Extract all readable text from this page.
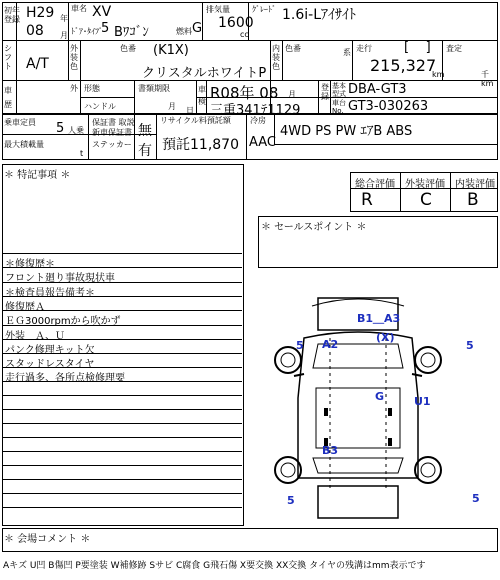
初年
登録 H29 年
08 月
車名 XV
ﾄﾞｱ･ﾀｲﾌﾟ
5 Bﾜｺﾞﾝ	燃料 G
排気量
1600
cc
ｸﾞﾚｰﾄﾞ 1.6i-Lｱｲｻｲﾄ
シフト A/T
外装色
色番 (K1X)
クリスタルホワイトP
内装色
色番	系 走行 [    ]
215,327
km
査定
千km
車
歴
外 形態
ハンドル
書類期限
月 日
車
検 R08年 08 月
三重341ﾃ1129
登
録
基本
型式 DBA-GT3
車台
No. GT3-030263
乗車定員 5 人乗
最大積載量
t
保証書 取説
新車保証書 無
ステッカー 有
リサイクル料預託額
預託11,870
冷房
AAC
4WD PS PW ｴｱB ABS
＊ 特記事項 ＊
＊修復歴＊
フロント廻り事故現状車
＊検査員報告備考＊
修復歴Ａ
ＥＧ3000rpmから吹かず
外装　Ａ、Ｕ
パンク修理キット欠
スタッドレスタイヤ
走行過多、各所点検修理要
総合評価 外装評価 内装評価
R	C B
＊ セールスポイント ＊
B1＿A3
A2
(X)
G	U1
B3
5	5
5	5
＊ 会場コメント ＊
Aキズ U凹 B傷凹 P要塗装 W補修跡 Sサビ C腐食 G飛石傷 X要交換 XX交換 タイヤの残溝はmm表示です
